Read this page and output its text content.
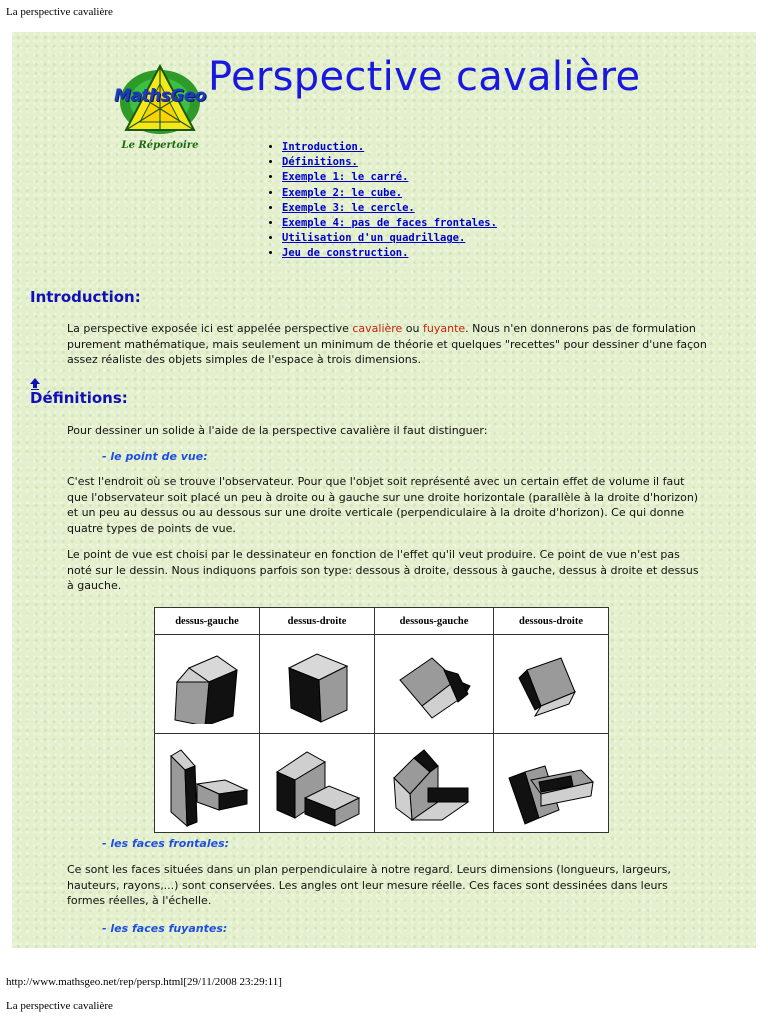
La perspective cavalière
MathsGeo
Le Répertoire
Perspective cavalière
• Introduction.
• Définitions.
• Exemple 1: le carré.
• Exemple 2: le cube.
• Exemple 3: le cercle.
• Exemple 4: pas de faces frontales.
• Utilisation d'un quadrillage.
• Jeu de construction.
Introduction:

La perspective exposée ici est appelée perspective cavalière ou fuyante. Nous n'en donnerons pas de formulation purement mathématique, mais seulement un minimum de théorie et quelques "recettes" pour dessiner d'une façon assez réaliste des objets simples de l'espace à trois dimensions.

Définitions:

Pour dessiner un solide à l'aide de la perspective cavalière il faut distinguer:

- le point de vue:

C'est l'endroit où se trouve l'observateur. Pour que l'objet soit représenté avec un certain effet de volume il faut que l'observateur soit placé un peu à droite ou à gauche sur une droite horizontale (parallèle à la droite d'horizon) et un peu au dessus ou au dessous sur une droite verticale (perpendiculaire à la droite d'horizon). Ce qui donne quatre types de points de vue.

Le point de vue est choisi par le dessinateur en fonction de l'effet qu'il veut produire. Ce point de vue n'est pas noté sur le dessin. Nous indiquons parfois son type: dessous à droite, dessous à gauche, dessus à droite et dessus à gauche.

dessus-gauche	dessus-droite	dessous-gauche	dessous-droite

- les faces frontales:

Ce sont les faces situées dans un plan perpendiculaire à notre regard. Leurs dimensions (longueurs, largeurs, hauteurs, rayons,...) sont conservées. Les angles ont leur mesure réelle. Ces faces sont dessinées dans leurs formes réelles, à l'échelle.

- les faces fuyantes:

http://www.mathsgeo.net/rep/persp.html[29/11/2008 23:29:11]
La perspective cavalière
